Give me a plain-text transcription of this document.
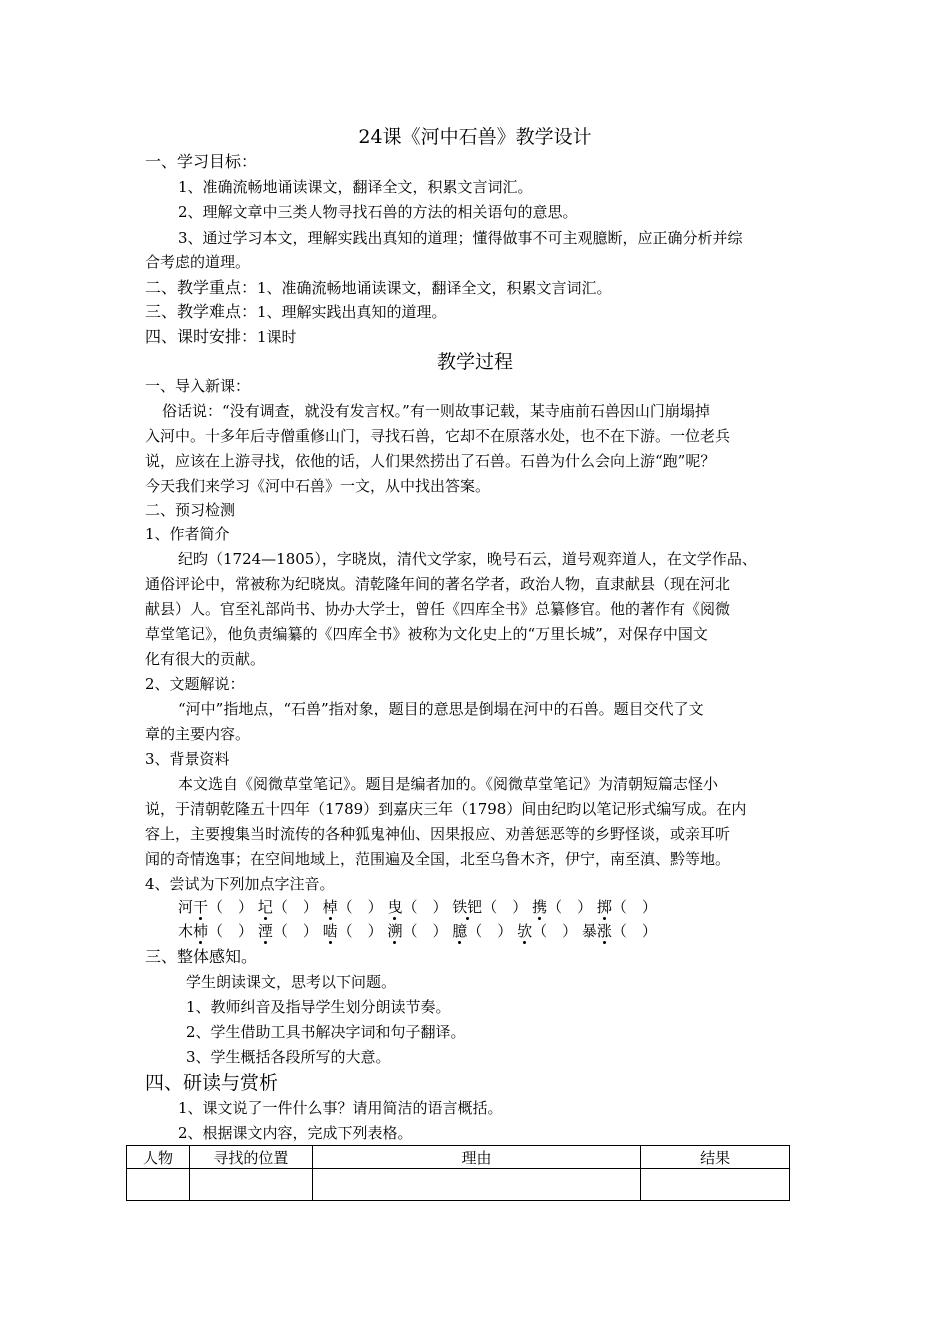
24课《河中石兽》教学设计
一、学习目标：
1、准确流畅地诵读课文，翻译全文，积累文言词汇。
2、理解文章中三类人物寻找石兽的方法的相关语句的意思。
3、通过学习本文，理解实践出真知的道理；懂得做事不可主观臆断，应正确分析并综
合考虑的道理。
二、教学重点：1、准确流畅地诵读课文，翻译全文，积累文言词汇。
三、教学难点：1、理解实践出真知的道理。
四、课时安排：1课时
教学过程
一、导入新课：
俗话说：“没有调查，就没有发言权。”有一则故事记载，某寺庙前石兽因山门崩塌掉
入河中。十多年后寺僧重修山门，寻找石兽，它却不在原落水处，也不在下游。一位老兵
说，应该在上游寻找，依他的话，人们果然捞出了石兽。石兽为什么会向上游“跑”呢？
今天我们来学习《河中石兽》一文，从中找出答案。
二、预习检测
1、作者简介
纪昀（1724—1805），字晓岚，清代文学家，晚号石云，道号观弈道人，在文学作品、
通俗评论中，常被称为纪晓岚。清乾隆年间的著名学者，政治人物，直隶献县（现在河北
献县）人。官至礼部尚书、协办大学士，曾任《四库全书》总纂修官。他的著作有《阅微
草堂笔记》，他负责编纂的《四库全书》被称为文化史上的“万里长城”，对保存中国文
化有很大的贡献。
2、文题解说：
“河中”指地点，“石兽”指对象，题目的意思是倒塌在河中的石兽。题目交代了文
章的主要内容。
3、背景资料
本文选自《阅微草堂笔记》。题目是编者加的。《阅微草堂笔记》为清朝短篇志怪小
说，于清朝乾隆五十四年（1789）到嘉庆三年（1798）间由纪昀以笔记形式编写成。在内
容上，主要搜集当时流传的各种狐鬼神仙、因果报应、劝善惩恶等的乡野怪谈，或亲耳听
闻的奇情逸事；在空间地域上，范围遍及全国，北至乌鲁木齐，伊宁，南至滇、黔等地。
4、尝试为下列加点字注音。
河干（　） 圮（　） 棹（　） 曳（　） 铁钯（　） 携（　） 掷（　）
木杮（　） 湮（　） 啮（　） 溯（　） 臆（　） 欤（　） 暴涨（　）
三、整体感知。
学生朗读课文，思考以下问题。
1、教师纠音及指导学生划分朗读节奏。
2、学生借助工具书解决字词和句子翻译。
3、学生概括各段所写的大意。
四、研读与赏析
1、课文说了一件什么事？请用简洁的语言概括。
2、根据课文内容，完成下列表格。
人物	寻找的位置	理由	结果
